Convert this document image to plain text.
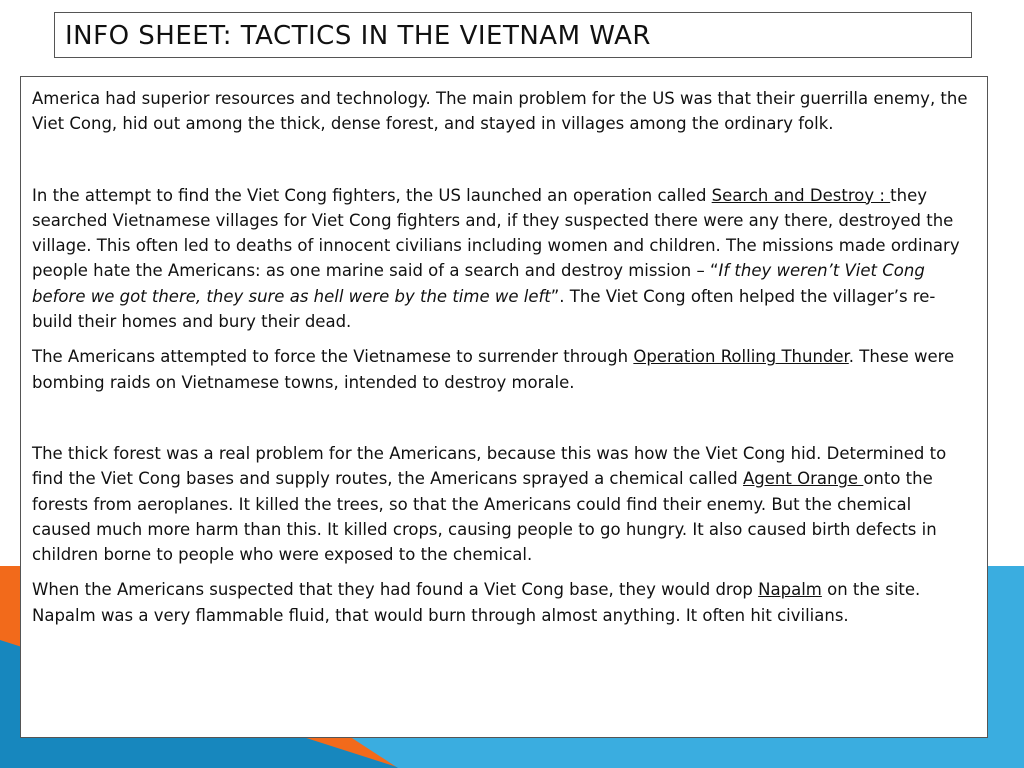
INFO SHEET: TACTICS IN THE VIETNAM WAR

America had superior resources and technology. The main problem for the US was that their guerrilla enemy, the Viet Cong, hid out among the thick, dense forest, and stayed in villages among the ordinary folk.

In the attempt to find the Viet Cong fighters, the US launched an operation called Search and Destroy : they searched Vietnamese villages for Viet Cong fighters and, if they suspected there were any there, destroyed the village. This often led to deaths of innocent civilians including women and children. The missions made ordinary people hate the Americans: as one marine said of a search and destroy mission – “If they weren’t Viet Cong before we got there, they sure as hell were by the time we left”. The Viet Cong often helped the villager’s re-build their homes and bury their dead.

The Americans attempted to force the Vietnamese to surrender through Operation Rolling Thunder. These were bombing raids on Vietnamese towns, intended to destroy morale.

The thick forest was a real problem for the Americans, because this was how the Viet Cong hid. Determined to find the Viet Cong bases and supply routes, the Americans sprayed a chemical called Agent Orange onto the forests from aeroplanes. It killed the trees, so that the Americans could find their enemy. But the chemical caused much more harm than this. It killed crops, causing people to go hungry. It also caused birth defects in children borne to people who were exposed to the chemical.

When the Americans suspected that they had found a Viet Cong base, they would drop Napalm on the site. Napalm was a very flammable fluid, that would burn through almost anything. It often hit civilians.
